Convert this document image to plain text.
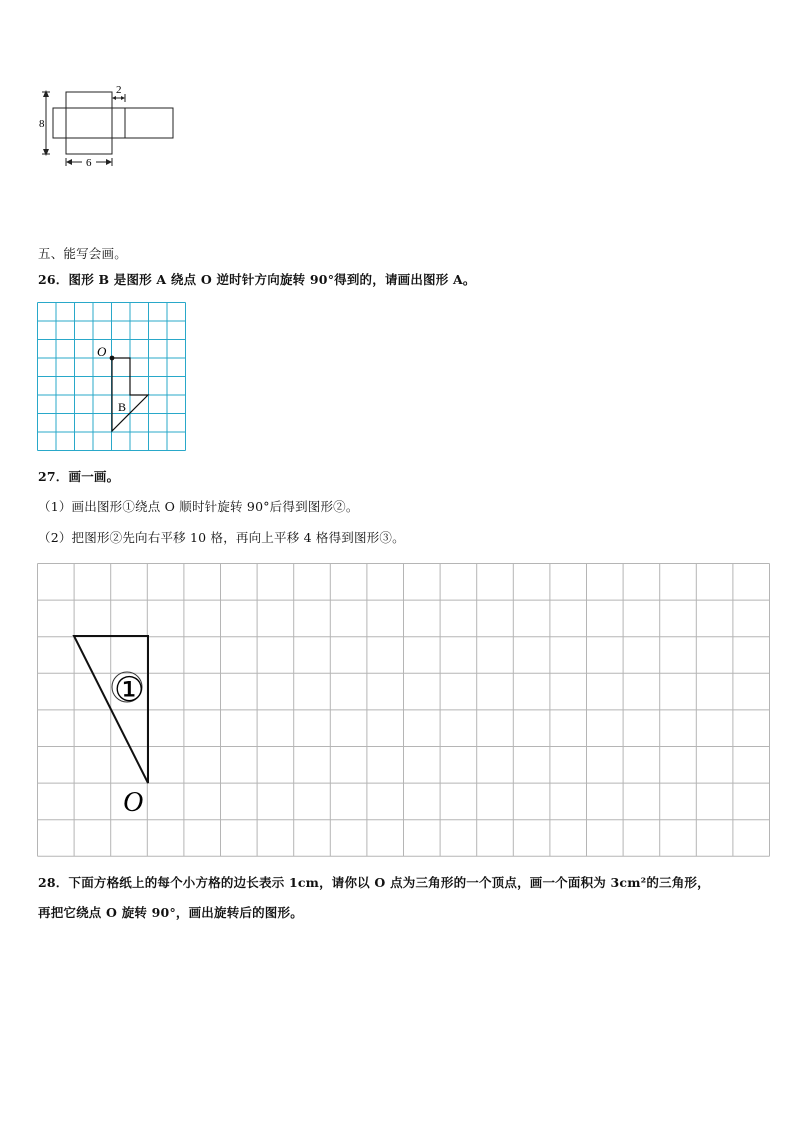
8
6
2
五、能写会画。
26．图形 B 是图形 A 绕点 O 逆时针方向旋转 90°得到的，请画出图形 A。
O
B
27．画一画。
（1）画出图形①绕点 O 顺时针旋转 90°后得到图形②。
（2）把图形②先向右平移 10 格，再向上平移 4 格得到图形③。
①
O
28．下面方格纸上的每个小方格的边长表示 1cm，请你以 O 点为三角形的一个顶点，画一个面积为 3cm²的三角形，
再把它绕点 O 旋转 90°，画出旋转后的图形。
